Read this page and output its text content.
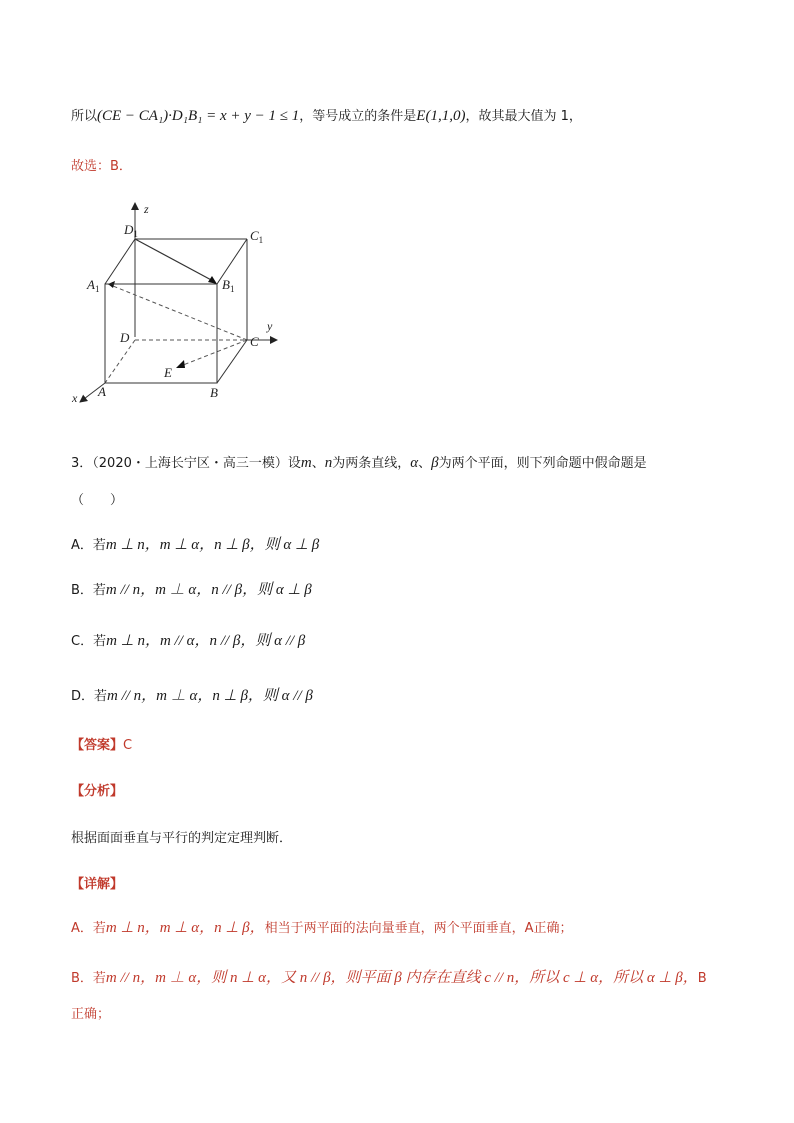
所以(CE − CA₁)·D₁B₁ = x + y − 1 ≤ 1，等号成立的条件是E(1,1,0)，故其最大值为 1，
故选：B．
z
y
x
$D_1$	$C_1$
$A_1$	$B_1$
D	C
E
A	B
3．（2020・上海长宁区・高三一模）设m、n为两条直线，α、β为两个平面，则下列命题中假命题是
（　　）
A．若m ⊥ n，m ⊥ α，n ⊥ β，则 α ⊥ β
B．若m // n，m ⊥ α，n // β，则 α ⊥ β
C．若m ⊥ n，m // α，n // β，则 α // β
D．若m // n，m ⊥ α，n ⊥ β，则 α // β
【答案】C
【分析】
根据面面垂直与平行的判定定理判断．
【详解】
A．若m ⊥ n，m ⊥ α，n ⊥ β，相当于两平面的法向量垂直，两个平面垂直，A正确；
B．若m // n，m ⊥ α，则 n ⊥ α，又 n // β，则平面 β 内存在直线 c // n，所以 c ⊥ α，所以 α ⊥ β，B
正确；
